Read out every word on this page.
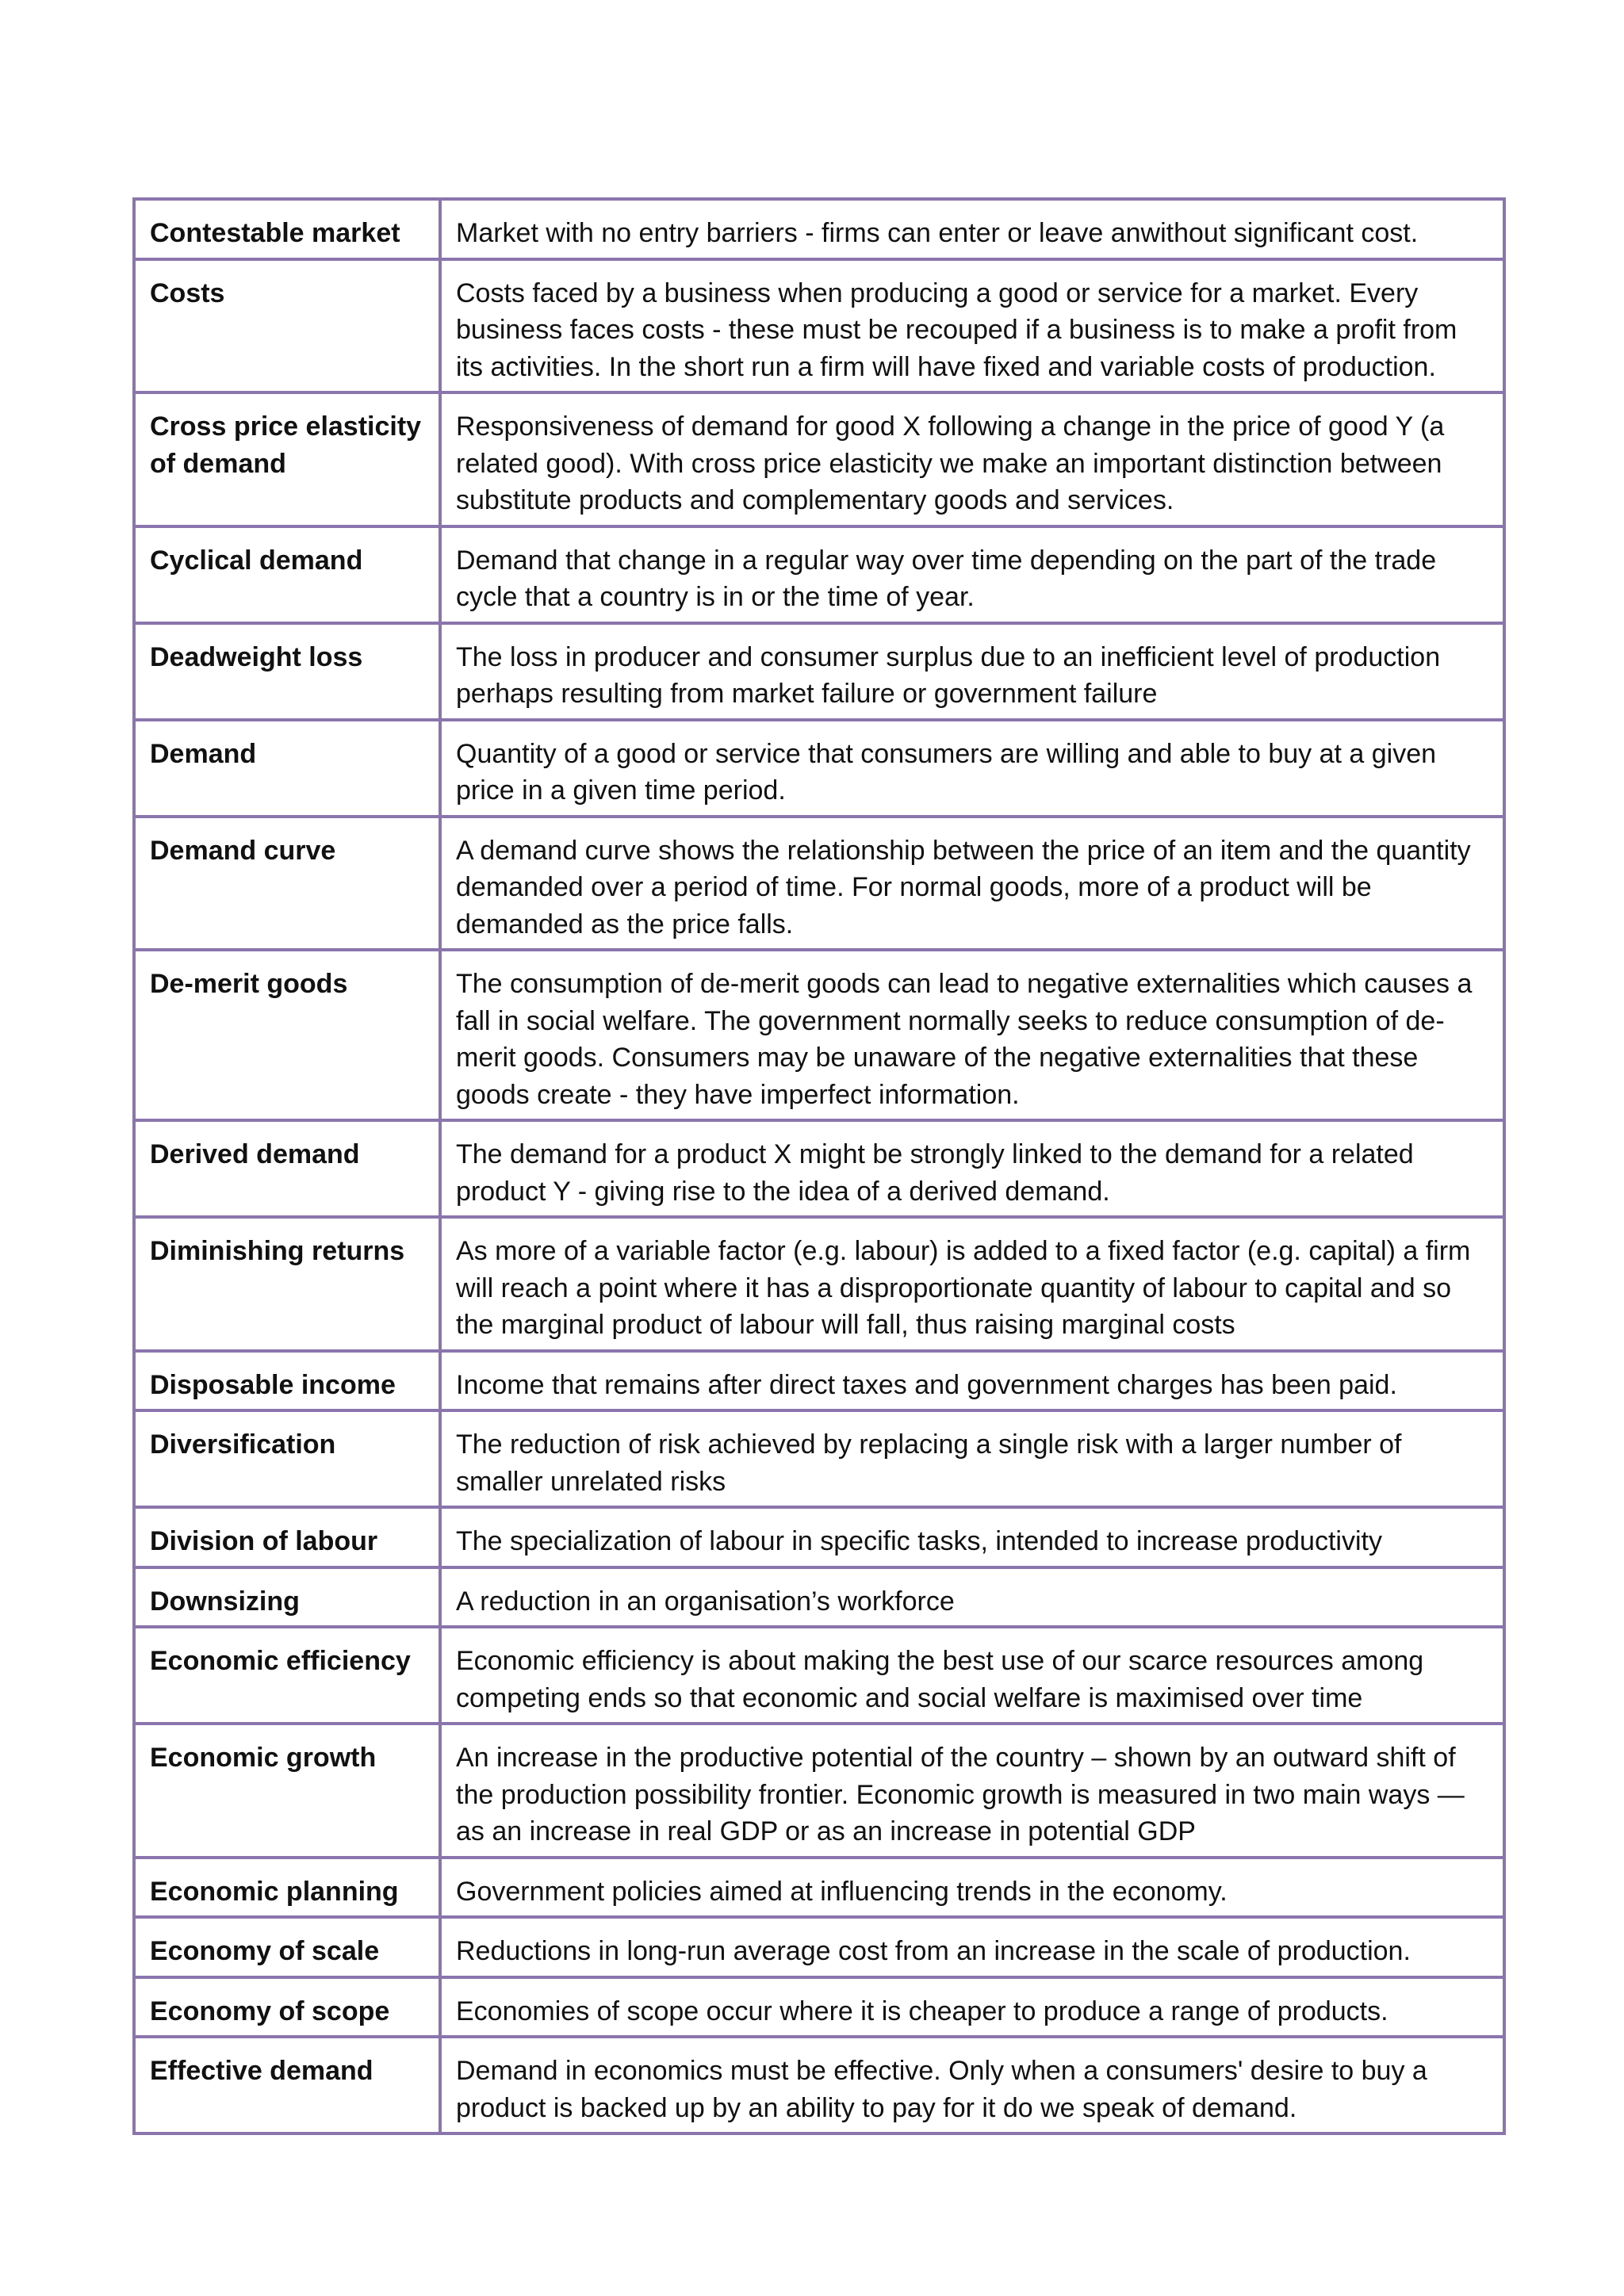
Contestable market	Market with no entry barriers - firms can enter or leave anwithout significant cost.
Costs	Costs faced by a business when producing a good or service for a market. Every business faces costs - these must be recouped if a business is to make a profit from its activities. In the short run a firm will have fixed and variable costs of production.
Cross price elasticity of demand	Responsiveness of demand for good X following a change in the price of good Y (a related good). With cross price elasticity we make an important distinction between substitute products and complementary goods and services.
Cyclical demand	Demand that change in a regular way over time depending on the part of the trade cycle that a country is in or the time of year.
Deadweight loss	The loss in producer and consumer surplus due to an inefficient level of production perhaps resulting from market failure or government failure
Demand	Quantity of a good or service that consumers are willing and able to buy at a given price in a given time period.
Demand curve	A demand curve shows the relationship between the price of an item and the quantity demanded over a period of time. For normal goods, more of a product will be demanded as the price falls.
De-merit goods	The consumption of de-merit goods can lead to negative externalities which causes a fall in social welfare. The government normally seeks to reduce consumption of de-merit goods. Consumers may be unaware of the negative externalities that these goods create - they have imperfect information.
Derived demand	The demand for a product X might be strongly linked to the demand for a related product Y - giving rise to the idea of a derived demand.
Diminishing returns	As more of a variable factor (e.g. labour) is added to a fixed factor (e.g. capital) a firm will reach a point where it has a disproportionate quantity of labour to capital and so the marginal product of labour will fall, thus raising marginal costs
Disposable income	Income that remains after direct taxes and government charges has been paid.
Diversification	The reduction of risk achieved by replacing a single risk with a larger number of smaller unrelated risks
Division of labour	The specialization of labour in specific tasks, intended to increase productivity
Downsizing	A reduction in an organisation’s workforce
Economic efficiency	Economic efficiency is about making the best use of our scarce resources among competing ends so that economic and social welfare is maximised over time
Economic growth	An increase in the productive potential of the country – shown by an outward shift of the production possibility frontier. Economic growth is measured in two main ways — as an increase in real GDP or as an increase in potential GDP
Economic planning	Government policies aimed at influencing trends in the economy.
Economy of scale	Reductions in long-run average cost from an increase in the scale of production.
Economy of scope	Economies of scope occur where it is cheaper to produce a range of products.
Effective demand	Demand in economics must be effective. Only when a consumers' desire to buy a product is backed up by an ability to pay for it do we speak of demand.
